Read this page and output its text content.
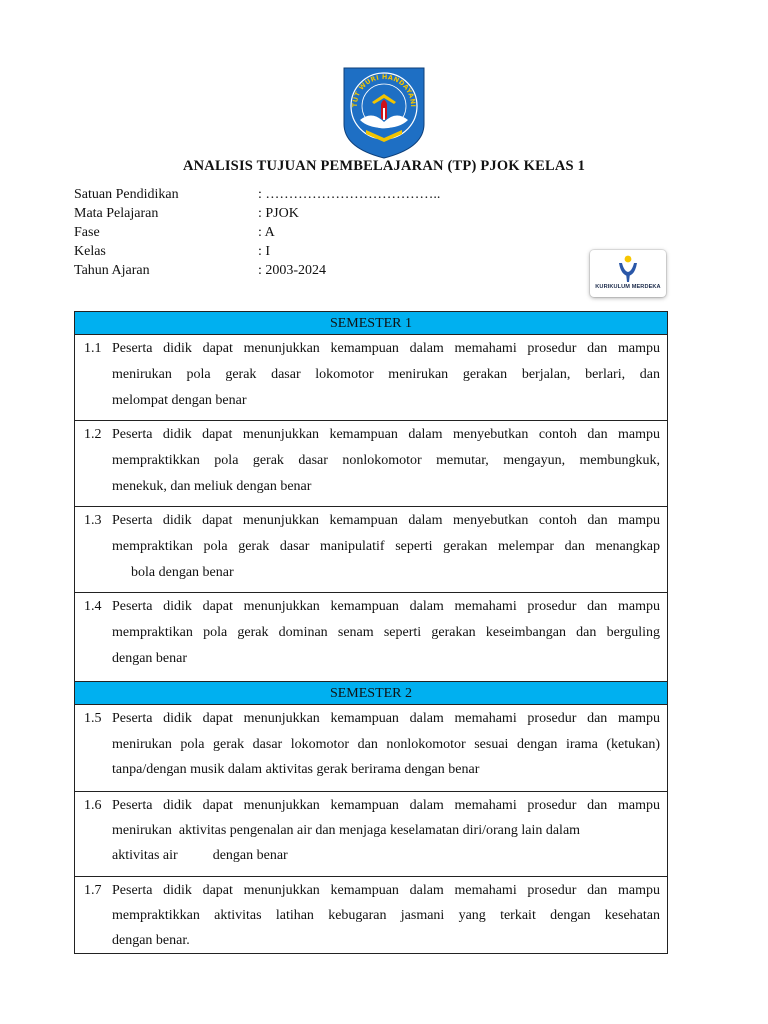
TUT WURI HANDAYANI
ANALISIS TUJUAN PEMBELAJARAN (TP) PJOK KELAS 1
Satuan Pendidikan	: ………………………………..
Mata Pelajaran	: PJOK
Fase	: A
Kelas	: I
Tahun Ajaran	: 2003-2024
KURIKULUM MERDEKA
SEMESTER 1
1.1 Peserta didik dapat menunjukkan kemampuan dalam memahami prosedur dan mampu
menirukan pola gerak dasar lokomotor menirukan gerakan berjalan, berlari, dan
melompat dengan benar
1.2 Peserta didik dapat menunjukkan kemampuan dalam menyebutkan contoh dan mampu
mempraktikkan pola gerak dasar nonlokomotor memutar, mengayun, membungkuk,
menekuk, dan meliuk dengan benar
1.3 Peserta didik dapat menunjukkan kemampuan dalam menyebutkan contoh dan mampu
mempraktikan pola gerak dasar manipulatif seperti gerakan melempar dan menangkap
bola dengan benar
1.4 Peserta didik dapat menunjukkan kemampuan dalam memahami prosedur dan mampu
mempraktikan pola gerak dominan senam seperti gerakan keseimbangan dan berguling
dengan benar
SEMESTER 2
1.5 Peserta didik dapat menunjukkan kemampuan dalam memahami prosedur dan mampu
menirukan pola gerak dasar lokomotor dan nonlokomotor sesuai dengan irama (ketukan)
tanpa/dengan musik dalam aktivitas gerak berirama dengan benar
1.6 Peserta didik dapat menunjukkan kemampuan dalam memahami prosedur dan mampu
menirukan  aktivitas pengenalan air dan menjaga keselamatan diri/orang lain dalam
aktivitas air          dengan benar
1.7 Peserta didik dapat menunjukkan kemampuan dalam memahami prosedur dan mampu
mempraktikkan aktivitas latihan kebugaran jasmani yang terkait dengan kesehatan
dengan benar.
